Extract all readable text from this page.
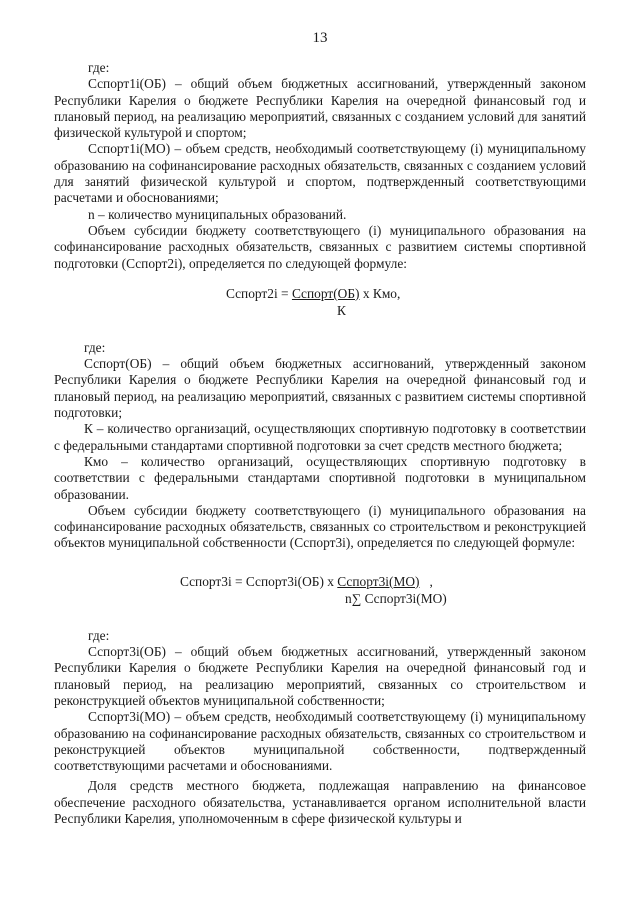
13

где:

Сспорт1i(ОБ) – общий объем бюджетных ассигнований, утвержденный законом Республики Карелия о бюджете Республики Карелия на очередной финансовый год и плановый период, на реализацию мероприятий, связанных с созданием условий для занятий физической культурой и спортом;

Сспорт1i(МО) – объем средств, необходимый соответствующему (i) муниципальному образованию на софинансирование расходных обязательств, связанных с созданием условий для занятий физической культурой и спортом, подтвержденный соответствующими расчетами и обоснованиями;

n – количество муниципальных образований.

Объем субсидии бюджету соответствующего (i) муниципального образования на софинансирование расходных обязательств, связанных с развитием системы спортивной подготовки (Сспорт2i), определяется по следующей формуле:

Сспорт2i = Сспорт(ОБ) х Кмо,
К

где:

Сспорт(ОБ) – общий объем бюджетных ассигнований, утвержденный законом Республики Карелия о бюджете Республики Карелия на очередной финансовый год и плановый период, на реализацию мероприятий, связанных с развитием системы спортивной подготовки;

К – количество организаций, осуществляющих спортивную подготовку в соответствии с федеральными стандартами спортивной подготовки за счет средств местного бюджета;

Кмо – количество организаций, осуществляющих спортивную подготовку в соответствии с федеральными стандартами спортивной подготовки в муниципальном образовании.

Объем субсидии бюджету соответствующего (i) муниципального образования на софинансирование расходных обязательств, связанных со строительством и реконструкцией объектов муниципальной собственности (Сспорт3i), определяется по следующей формуле:

Сспорт3i = Сспорт3i(ОБ) х Сспорт3i(МО)   ,
n∑ Сспорт3i(МО)

где:

Сспорт3i(ОБ) – общий объем бюджетных ассигнований, утвержденный законом Республики Карелия о бюджете Республики Карелия на очередной финансовый год и плановый период, на реализацию мероприятий, связанных со строительством и реконструкцией объектов муниципальной собственности;

Сспорт3i(МО) – объем средств, необходимый соответствующему (i) муниципальному образованию на софинансирование расходных обязательств, связанных со строительством и реконструкцией объектов муниципальной собственности, подтвержденный соответствующими расчетами и обоснованиями.

Доля средств местного бюджета, подлежащая направлению на финансовое обеспечение расходного обязательства, устанавливается органом исполнительной власти Республики Карелия, уполномоченным в сфере физической культуры и
